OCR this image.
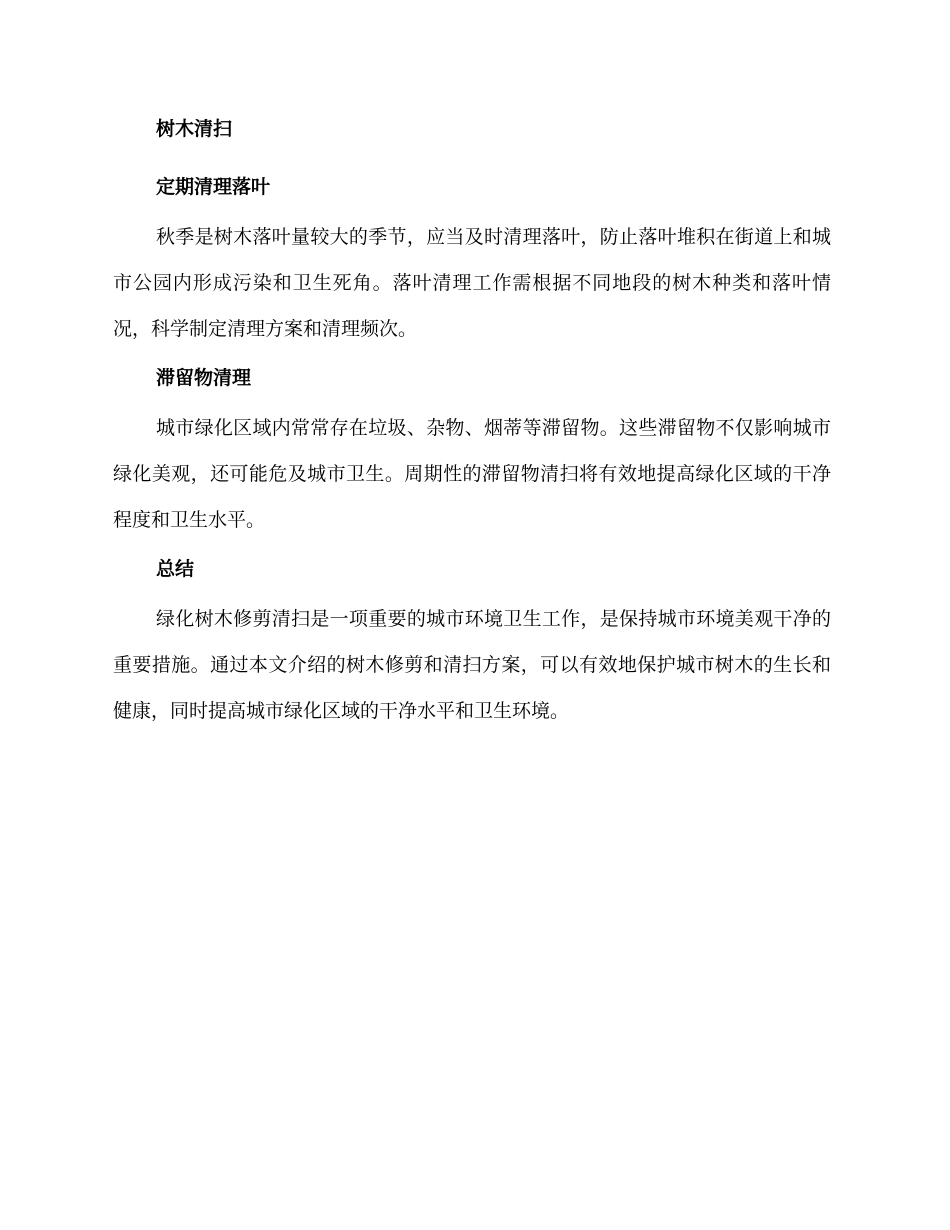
树木清扫
定期清理落叶

秋季是树木落叶量较大的季节，应当及时清理落叶，防止落叶堆积在街道上和城市公园内形成污染和卫生死角。落叶清理工作需根据不同地段的树木种类和落叶情况，科学制定清理方案和清理频次。

滞留物清理

城市绿化区域内常常存在垃圾、杂物、烟蒂等滞留物。这些滞留物不仅影响城市绿化美观，还可能危及城市卫生。周期性的滞留物清扫将有效地提高绿化区域的干净程度和卫生水平。

总结

绿化树木修剪清扫是一项重要的城市环境卫生工作，是保持城市环境美观干净的重要措施。通过本文介绍的树木修剪和清扫方案，可以有效地保护城市树木的生长和健康，同时提高城市绿化区域的干净水平和卫生环境。
